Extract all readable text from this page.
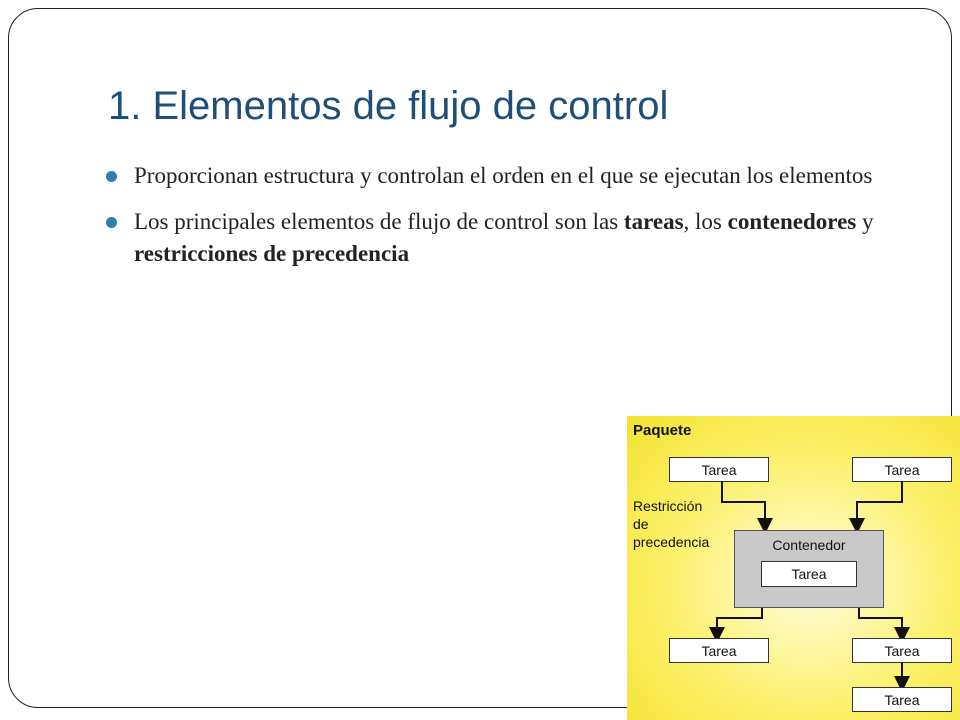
1. Elementos de flujo de control
Proporcionan estructura y controlan el orden en el que se ejecutan los elementos
Los principales elementos de flujo de control son las tareas, los contenedores y restricciones de precedencia
Paquete
Tarea	Tarea
Restricción
de
precedencia	Contenedor
Tarea
Tarea	Tarea
Tarea
